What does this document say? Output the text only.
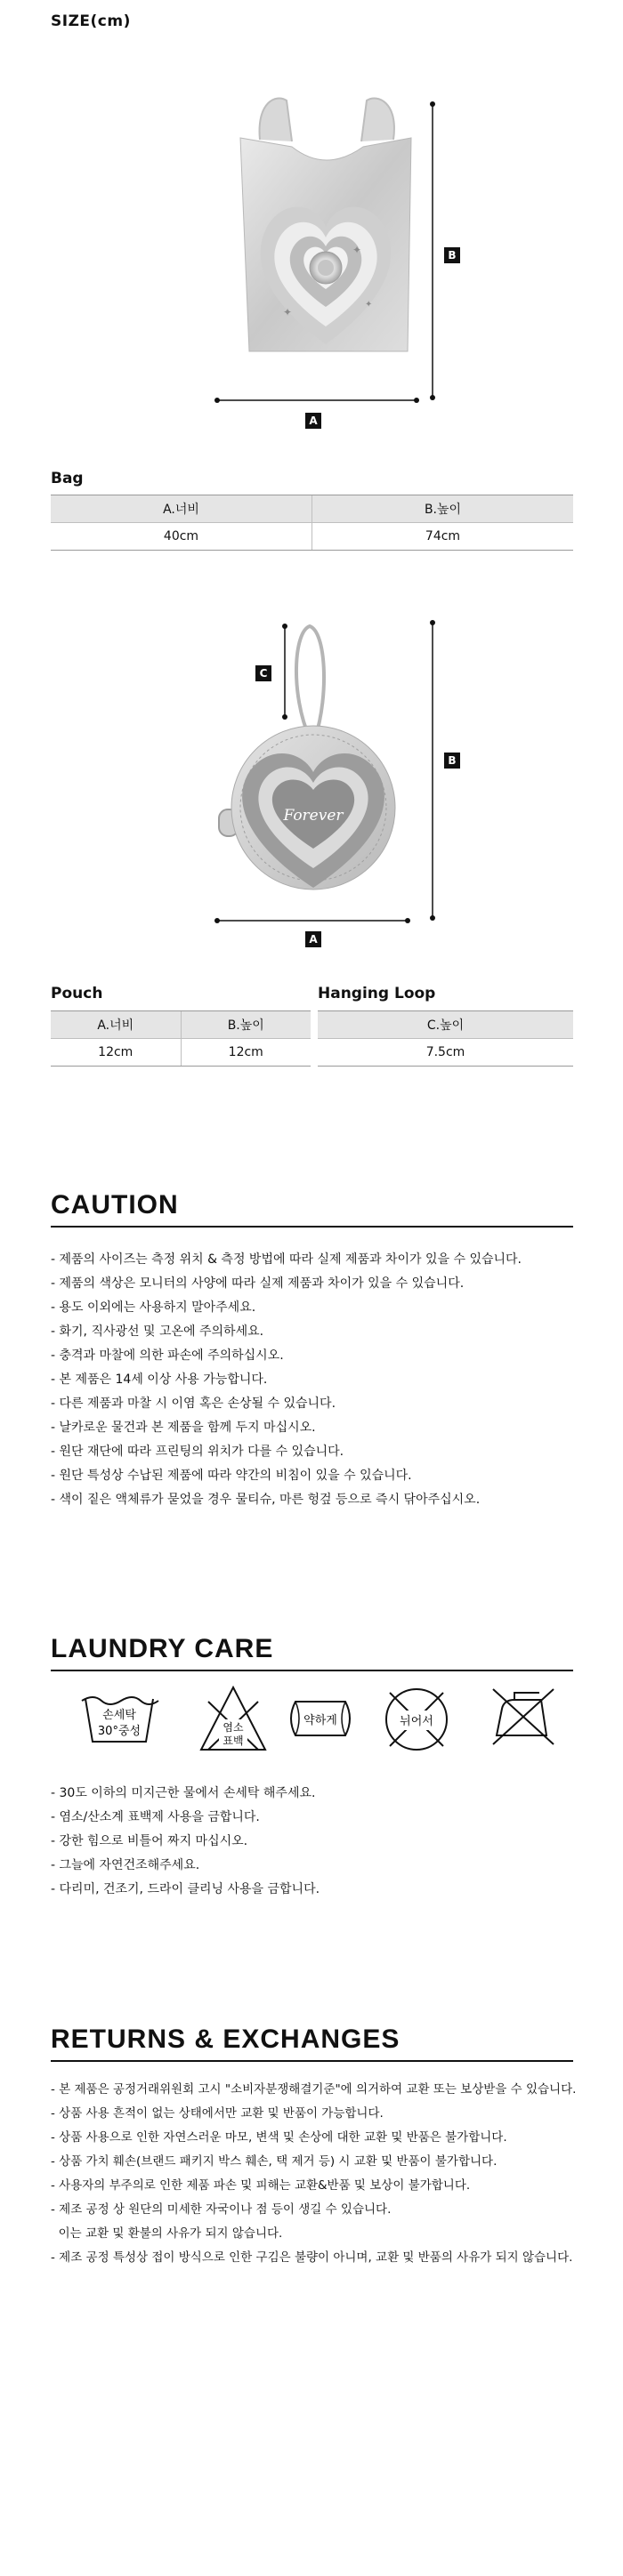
SIZE(cm)
✦
✦
✦
B
A
Bag
A.너비	B.높이
40cm	74cm
Forever
C
B
A
Pouch
A.너비	B.높이
12cm	12cm
Hanging Loop
C.높이
7.5cm
CAUTION
- 제품의 사이즈는 측정 위치 & 측정 방법에 따라 실제 제품과 차이가 있을 수 있습니다.
- 제품의 색상은 모니터의 사양에 따라 실제 제품과 차이가 있을 수 있습니다.
- 용도 이외에는 사용하지 말아주세요.
- 화기, 직사광선 및 고온에 주의하세요.
- 충격과 마찰에 의한 파손에 주의하십시오.
- 본 제품은 14세 이상 사용 가능합니다.
- 다른 제품과 마찰 시 이염 혹은 손상될 수 있습니다.
- 날카로운 물건과 본 제품을 함께 두지 마십시오.
- 원단 재단에 따라 프린팅의 위치가 다를 수 있습니다.
- 원단 특성상 수납된 제품에 따라 약간의 비침이 있을 수 있습니다.
- 색이 짙은 액체류가 묻었을 경우 물티슈, 마른 헝겊 등으로 즉시 닦아주십시오.
LAUNDRY CARE
손세탁
30°중성	염소
표백
약하게	뉘어서
- 30도 이하의 미지근한 물에서 손세탁 해주세요.
- 염소/산소계 표백제 사용을 금합니다.
- 강한 힘으로 비틀어 짜지 마십시오.
- 그늘에 자연건조해주세요.
- 다리미, 건조기, 드라이 클리닝 사용을 금합니다.
RETURNS & EXCHANGES
- 본 제품은 공정거래위원회 고시 "소비자분쟁해결기준"에 의거하여 교환 또는 보상받을 수 있습니다.
- 상품 사용 흔적이 없는 상태에서만 교환 및 반품이 가능합니다.
- 상품 사용으로 인한 자연스러운 마모, 변색 및 손상에 대한 교환 및 반품은 불가합니다.
- 상품 가치 훼손(브랜드 패키지 박스 훼손, 택 제거 등) 시 교환 및 반품이 불가합니다.
- 사용자의 부주의로 인한 제품 파손 및 피해는 교환&반품 및 보상이 불가합니다.
- 제조 공정 상 원단의 미세한 자국이나 점 등이 생길 수 있습니다.
이는 교환 및 환불의 사유가 되지 않습니다.
- 제조 공정 특성상 접이 방식으로 인한 구김은 불량이 아니며, 교환 및 반품의 사유가 되지 않습니다.
